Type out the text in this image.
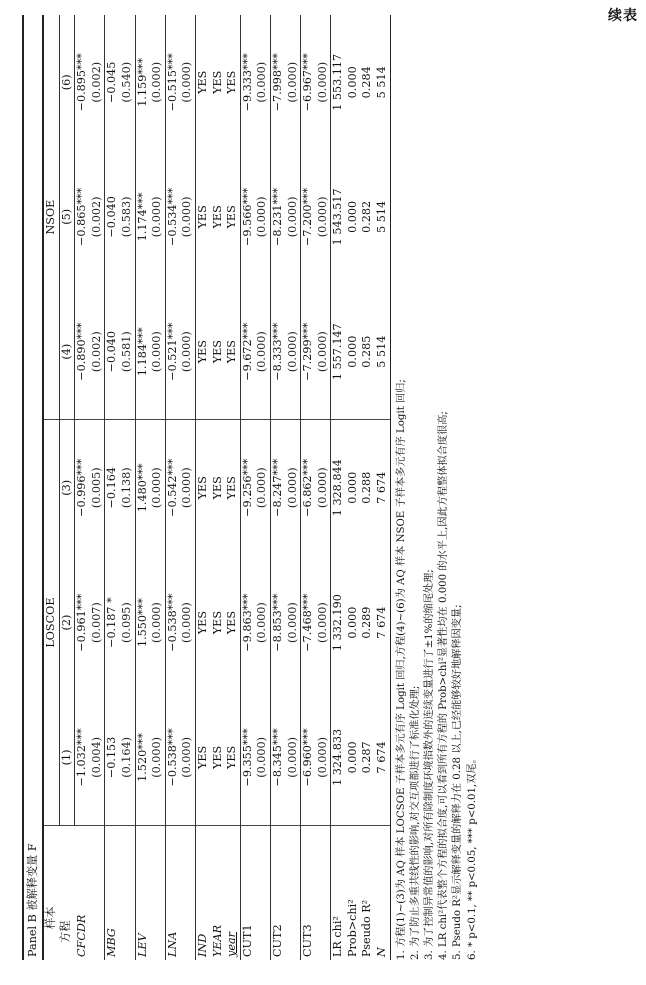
续表
Panel B 被解释变量 F						

样本
方程	LOSCOE			NSOE		
	(1)	(2)	(3)	(4)	(5)	(6)
CFCDR	−1.032***	−0.961***	−0.996***	−0.890***	−0.865***	−0.895***
	(0.004)	(0.007)	(0.005)	(0.002)	(0.002)	(0.002)
MBG	−0.153	−0.187 *	−0.164	−0.040	−0.040	−0.045
	(0.164)	(0.095)	(0.138)	(0.581)	(0.583)	(0.540)
LEV	1.520***	1.550***	1.480***	1.184***	1.174***	1.159***
	(0.000)	(0.000)	(0.000)	(0.000)	(0.000)	(0.000)
LNA	−0.538***	−0.538***	−0.542***	−0.521***	−0.534***	−0.515***
	(0.000)	(0.000)	(0.000)	(0.000)	(0.000)	(0.000)
IND	YES	YES	YES	YES	YES	YES
YEAR	YES	YES	YES	YES	YES	YES
year	YES	YES	YES	YES	YES	YES
CUT1	−9.355***	−9.863***	−9.256***	−9.672***	−9.566***	−9.333***
	(0.000)	(0.000)	(0.000)	(0.000)	(0.000)	(0.000)
CUT2	−8.345***	−8.853***	−8.247***	−8.333***	−8.231***	−7.998***
	(0.000)	(0.000)	(0.000)	(0.000)	(0.000)	(0.000)
CUT3	−6.960***	−7.468***	−6.862***	−7.299***	−7.200***	−6.967***
	(0.000)	(0.000)	(0.000)	(0.000)	(0.000)	(0.000)
LR chi²	1 324.833	1 332.190	1 328.844	1 557.147	1 543.517	1 553.117
Prob>chi²	0.000	0.000	0.000	0.000	0.000	0.000
Pseudo R²	0.287	0.289	0.288	0.285	0.282	0.284
N	7 674	7 674	7 674	5 514	5 514	5 514
1. 方程(1)~(3)为 AQ 样本 LOCSOE 子样本多元有序 Logit 回归,方程(4)~(6)为 AQ 样本 NSOE 子样本多元有序 Logit 回归; 2. 为了防止多重共线性的影响,对交互项都进行了标准化处理; 3. 为了控制异常值的影响,对所有除制度环境指数外的连续变量进行了±1%的缩尾处理; 4. LR chi²代表整个方程的拟合度,可以看到所有方程的 Prob>chi²显著性均在 0.000 的水平上,因此方程整体拟合度很高; 5. Pseudo R²显示解释变量的解释力在 0.28 以上,已经能够较好地解释因变量; 6. * p<0.1, ** p<0.05, *** p<0.01,双尾。
